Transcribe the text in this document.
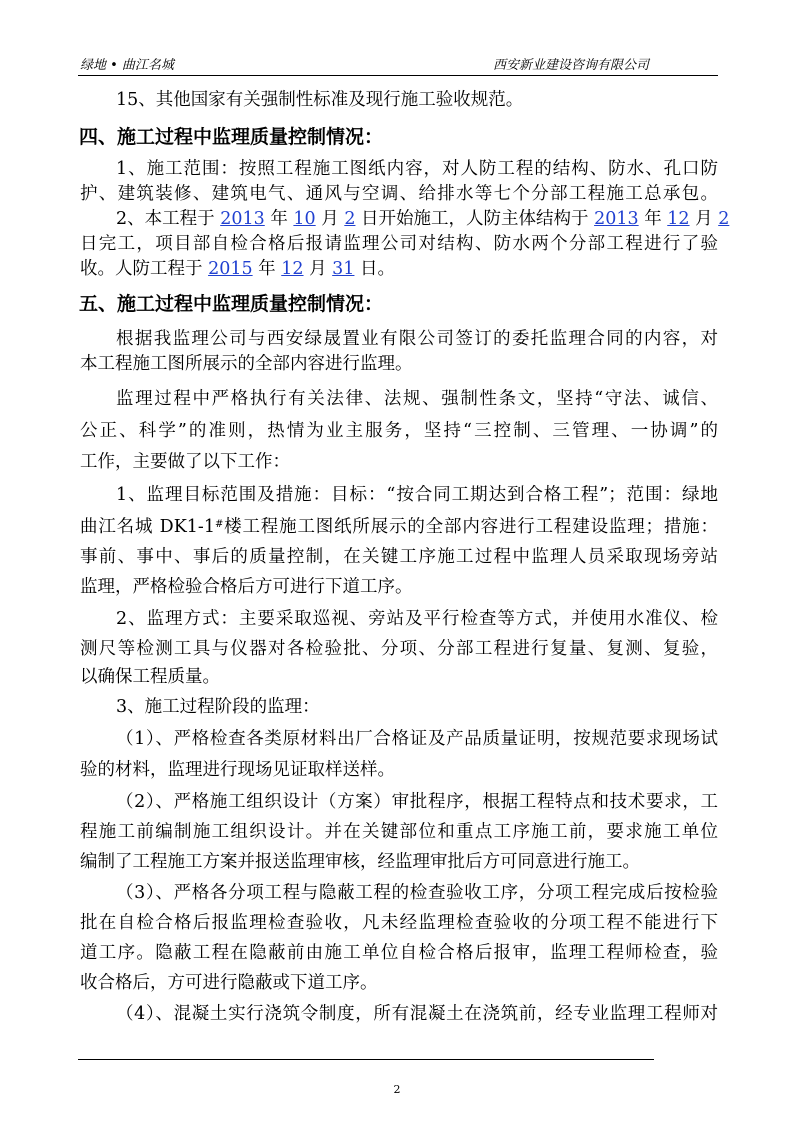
绿地 • 曲江名城	西安新业建设咨询有限公司
15、其他国家有关强制性标准及现行施工验收规范。
四、施工过程中监理质量控制情况：
1、施工范围：按照工程施工图纸内容，对人防工程的结构、防水、孔口防
护、建筑装修、建筑电气、通风与空调、给排水等七个分部工程施工总承包。
2、本工程于 2013 年 10 月 2 日开始施工，人防主体结构于 2013 年 12 月 2
日完工，项目部自检合格后报请监理公司对结构、防水两个分部工程进行了验
收。人防工程于 2015 年 12 月 31 日。
五、施工过程中监理质量控制情况：
根据我监理公司与西安绿晟置业有限公司签订的委托监理合同的内容，对
本工程施工图所展示的全部内容进行监理。
监理过程中严格执行有关法律、法规、强制性条文，坚持“守法、诚信、
公正、科学”的准则，热情为业主服务，坚持“三控制、三管理、一协调”的
工作，主要做了以下工作：
1、监理目标范围及措施：目标：“按合同工期达到合格工程”；范围：绿地
曲江名城 DK1-1#楼工程施工图纸所展示的全部内容进行工程建设监理；措施：
事前、事中、事后的质量控制，在关键工序施工过程中监理人员采取现场旁站
监理，严格检验合格后方可进行下道工序。
2、监理方式：主要采取巡视、旁站及平行检查等方式，并使用水准仪、检
测尺等检测工具与仪器对各检验批、分项、分部工程进行复量、复测、复验，
以确保工程质量。
3、施工过程阶段的监理：
（1）、严格检查各类原材料出厂合格证及产品质量证明，按规范要求现场试
验的材料，监理进行现场见证取样送样。
（2）、严格施工组织设计（方案）审批程序，根据工程特点和技术要求，工
程施工前编制施工组织设计。并在关键部位和重点工序施工前，要求施工单位
编制了工程施工方案并报送监理审核，经监理审批后方可同意进行施工。
（3）、严格各分项工程与隐蔽工程的检查验收工序，分项工程完成后按检验
批在自检合格后报监理检查验收，凡未经监理检查验收的分项工程不能进行下
道工序。隐蔽工程在隐蔽前由施工单位自检合格后报审，监理工程师检查，验
收合格后，方可进行隐蔽或下道工序。
（4）、混凝土实行浇筑令制度，所有混凝土在浇筑前，经专业监理工程师对
2
